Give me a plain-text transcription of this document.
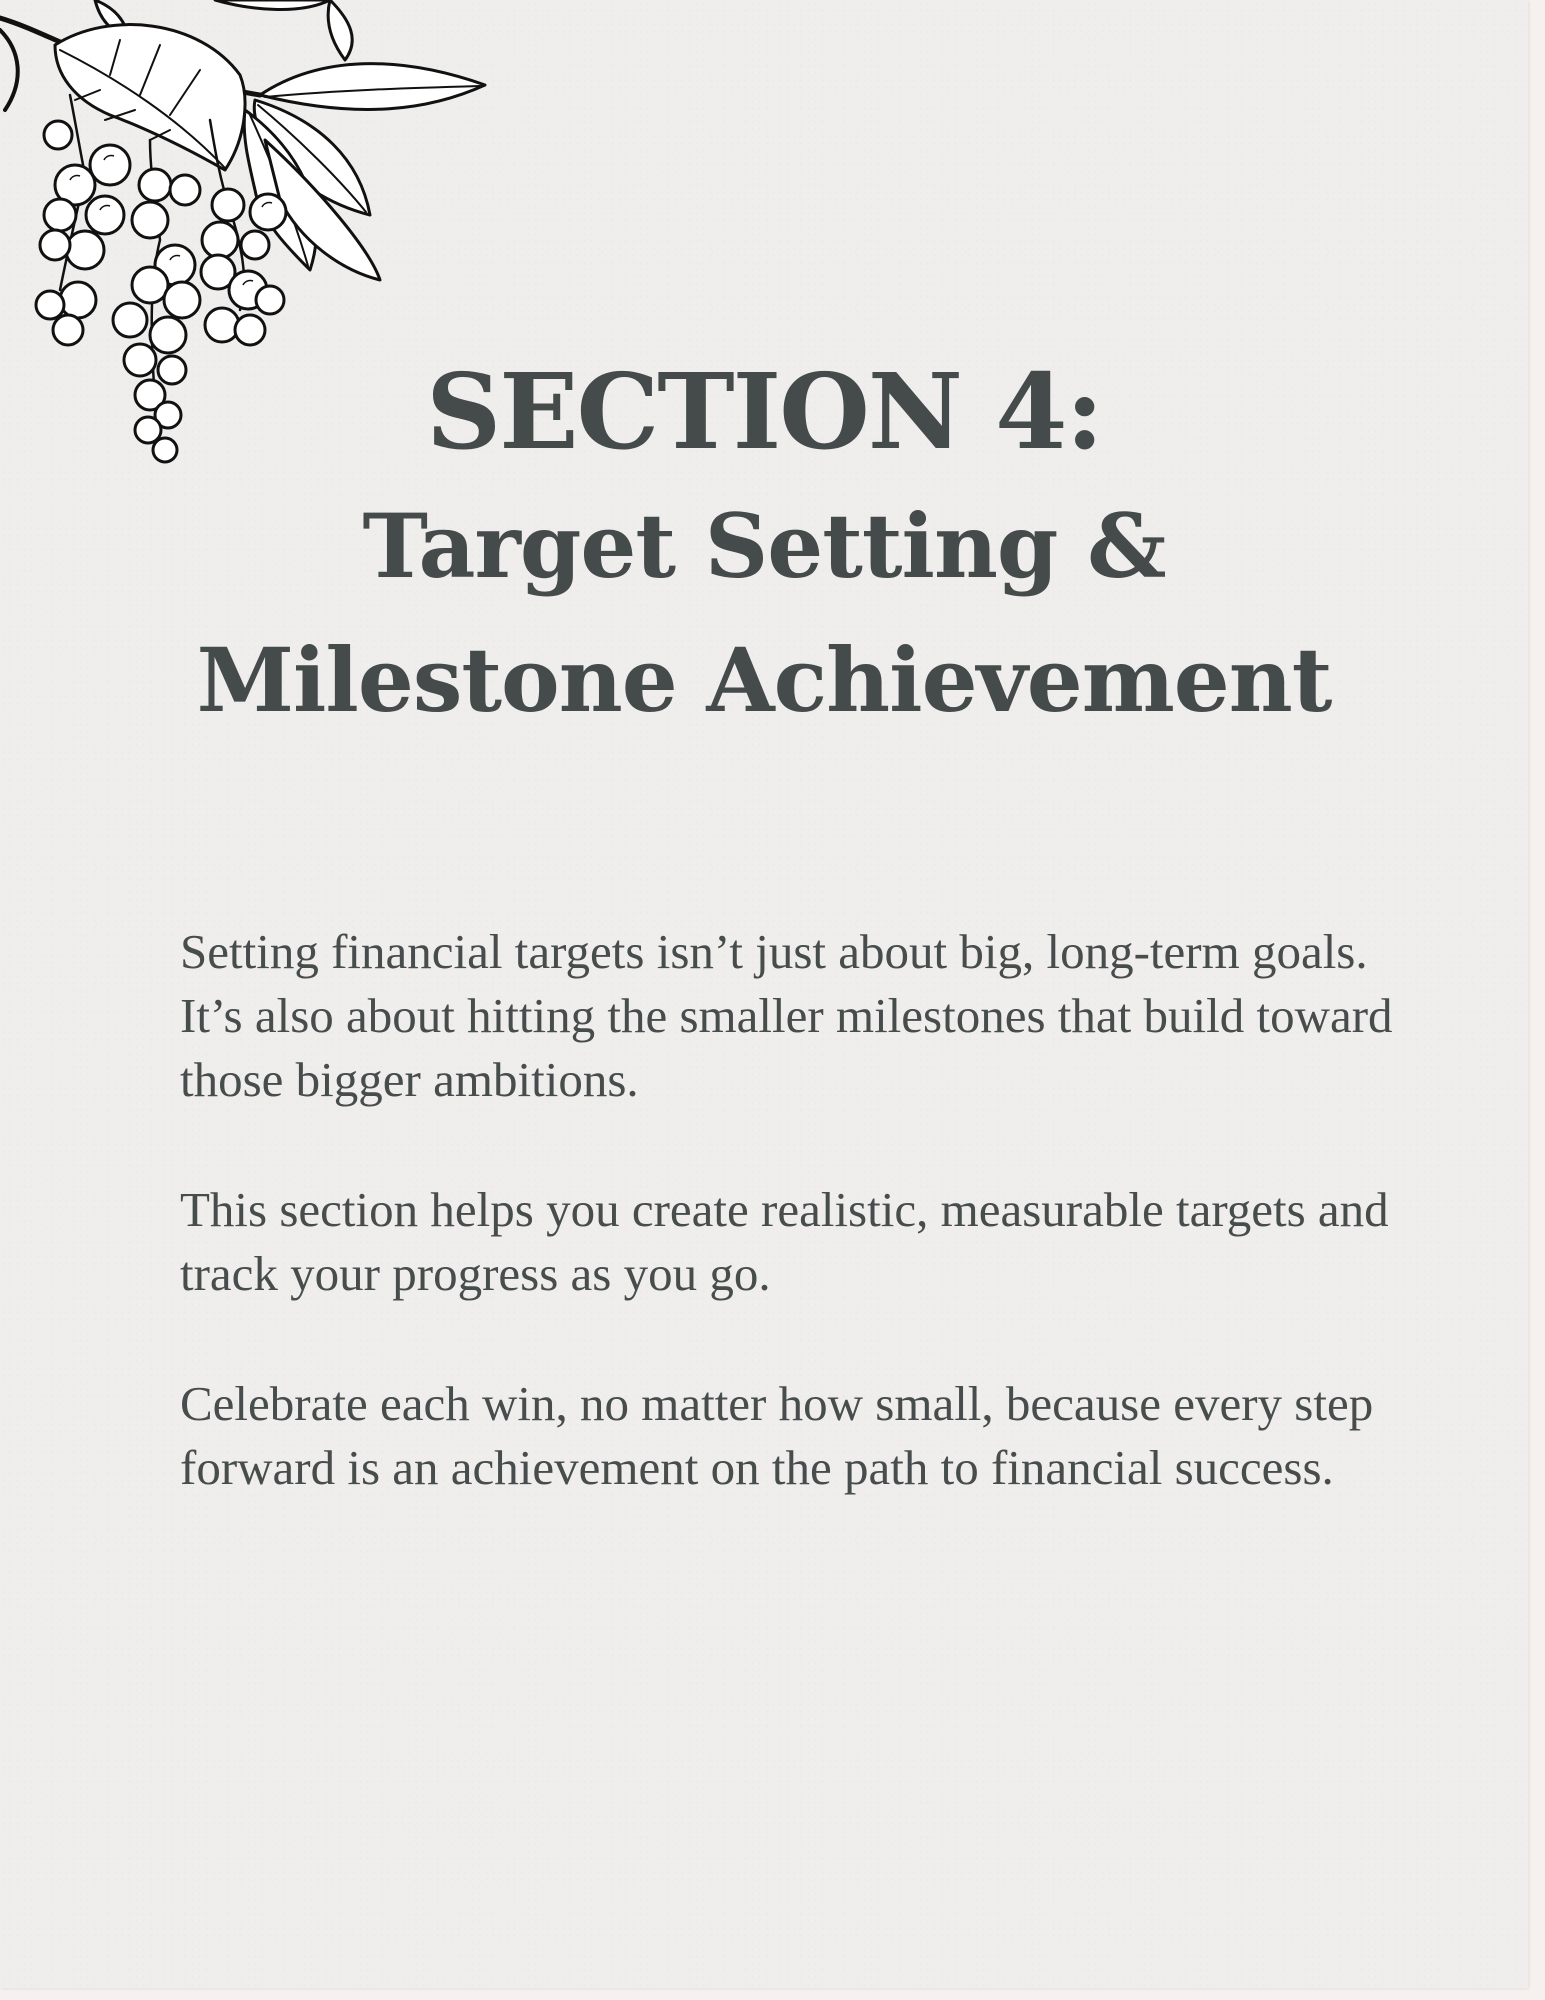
SECTION 4:
Target Setting &
Milestone Achievement

Setting financial targets isn’t just about big, long-term goals. It’s also about hitting the smaller milestones that build toward those bigger ambitions.

This section helps you create realistic, measurable targets and track your progress as you go.

Celebrate each win, no matter how small, because every step forward is an achievement on the path to financial success.
